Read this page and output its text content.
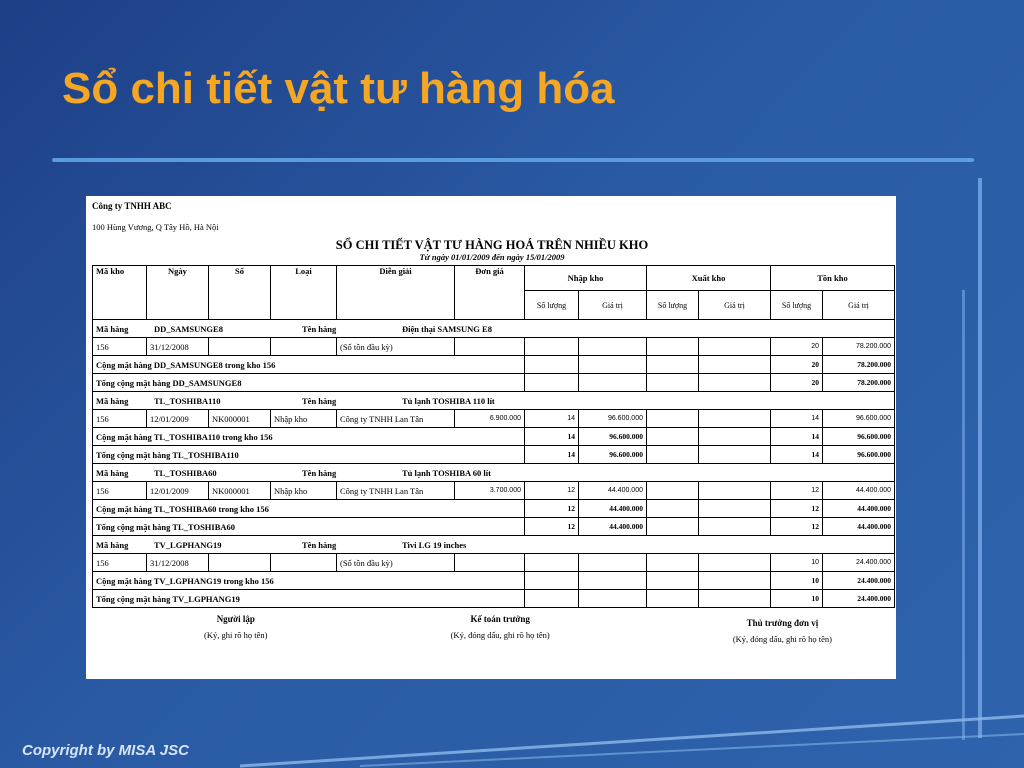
Sổ chi tiết vật tư hàng hóa
Công ty TNHH ABC
100 Hùng Vương, Q Tây Hồ, Hà Nội
SỔ CHI TIẾT VẬT TƯ HÀNG HOÁ TRÊN NHIỀU KHO
Từ ngày 01/01/2009 đến ngày 15/01/2009
Mã kho	Ngày	Số	Loại	Diễn giải	Đơn giá	Nhập kho		Xuất kho		Tồn kho	
						Số lượng	Giá trị	Số lượng	Giá trị	Số lượng	Giá trị
Mã hàng DD_SAMSUNGE8 Tên hàng Điện thại SAMSUNG E8											
156	31/12/2008			(Số tồn đầu kỳ)						20	78.200.000
Cộng mặt hàng DD_SAMSUNGE8 trong kho 156										20	78.200.000
Tổng cộng mặt hàng DD_SAMSUNGE8										20	78.200.000
Mã hàng TL_TOSHIBA110 Tên hàng Tủ lạnh TOSHIBA 110 lít											
156	12/01/2009	NK000001	Nhập kho	Công ty TNHH Lan Tân	6.900.000	14	96.600.000			14	96.600.000
Cộng mặt hàng TL_TOSHIBA110 trong kho 156						14	96.600.000			14	96.600.000
Tổng cộng mặt hàng TL_TOSHIBA110						14	96.600.000			14	96.600.000
Mã hàng TL_TOSHIBA60 Tên hàng Tủ lạnh TOSHIBA 60 lít											
156	12/01/2009	NK000001	Nhập kho	Công ty TNHH Lan Tân	3.700.000	12	44.400.000			12	44.400.000
Cộng mặt hàng TL_TOSHIBA60 trong kho 156						12	44.400.000			12	44.400.000
Tổng cộng mặt hàng TL_TOSHIBA60						12	44.400.000			12	44.400.000
Mã hàng TV_LGPHANG19 Tên hàng Tivi LG 19 inches											
156	31/12/2008			(Số tồn đầu kỳ)						10	24.400.000
Cộng mặt hàng TV_LGPHANG19 trong kho 156										10	24.400.000
Tổng cộng mặt hàng TV_LGPHANG19										10	24.400.000
Người lập
(Ký, ghi rõ họ tên)
Kế toán trưởng
(Ký, đóng dấu, ghi rõ họ tên)
Thủ trưởng đơn vị
(Ký, đóng dấu, ghi rõ họ tên)
Copyright by MISA JSC
